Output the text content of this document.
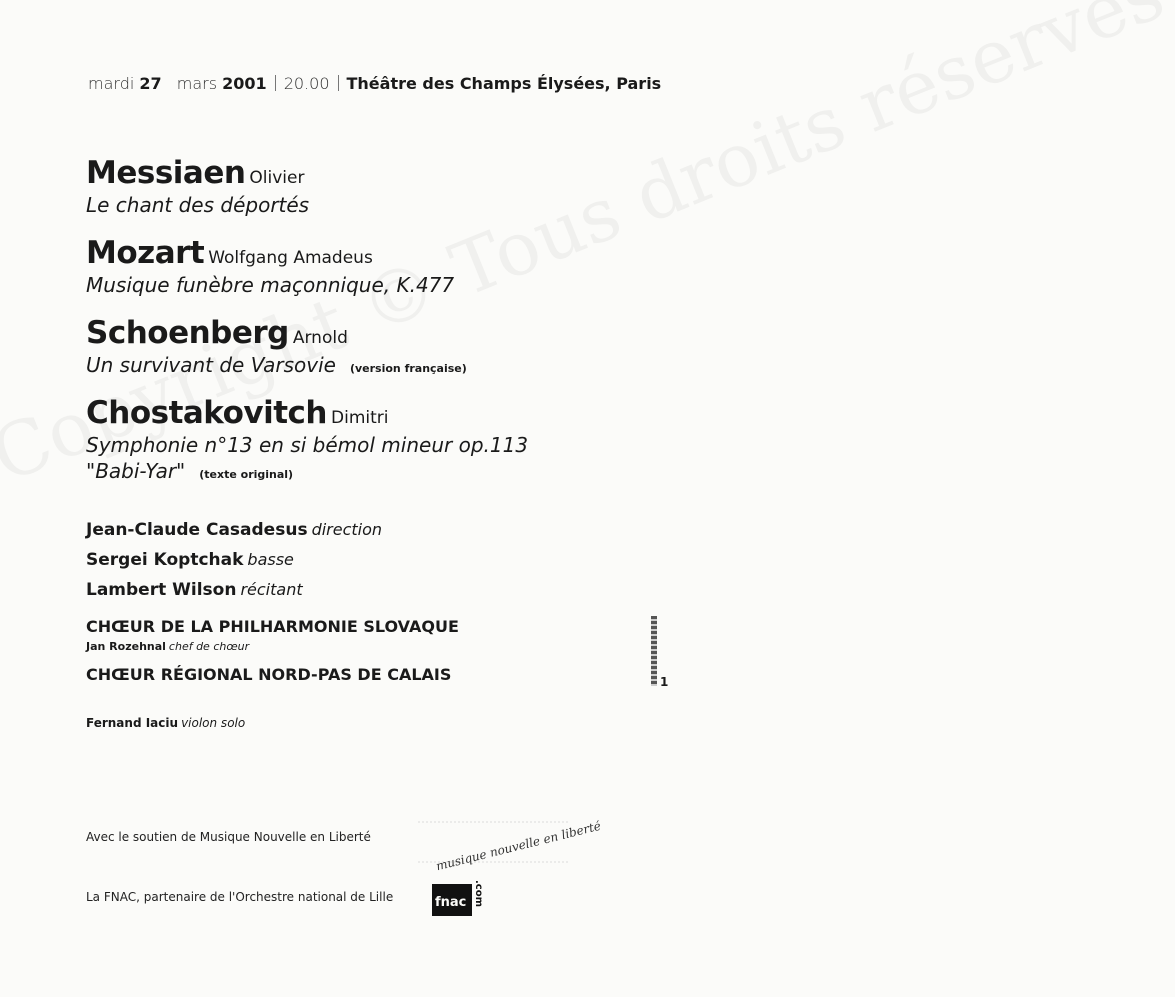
mardi 27 mars 2001 20.00 Théâtre des Champs Élysées, Paris
Messiaen Olivier
Le chant des déportés
Mozart Wolfgang Amadeus
Musique funèbre maçonnique, K.477
Schoenberg Arnold
Un survivant de Varsovie (version française)
Chostakovitch Dimitri
Symphonie n°13 en si bémol mineur op.113
"Babi-Yar" (texte original)
Jean-Claude Casadesus direction
Sergei Koptchak basse
Lambert Wilson récitant
CHŒUR DE LA PHILHARMONIE SLOVAQUE
Jan Rozehnal chef de chœur
CHŒUR RÉGIONAL NORD-PAS DE CALAIS
Fernand Iaciu violon solo
1
Avec le soutien de Musique Nouvelle en Liberté	musique nouvelle en liberté
La FNAC, partenaire de l'Orchestre national de Lille	fnac .com
